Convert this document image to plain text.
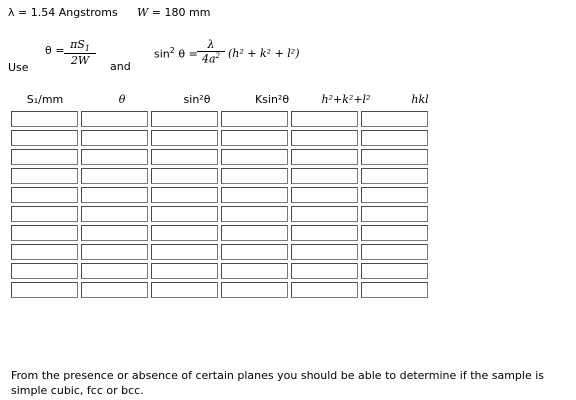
λ = 1.54 Angstroms W = 180 mm
Use
$\theta = \frac{\pi S_1}{2W}$ and
$\sin^2 \theta = \frac{\lambda}{4a^2} (h^2 + k^2 + l^2)$
S₁/mm	θ	sin²θ	Ksin²θ	h²+k²+l²	hkl
From the presence or absence of certain planes you should be able to determine if the sample is simple cubic, fcc or bcc.
